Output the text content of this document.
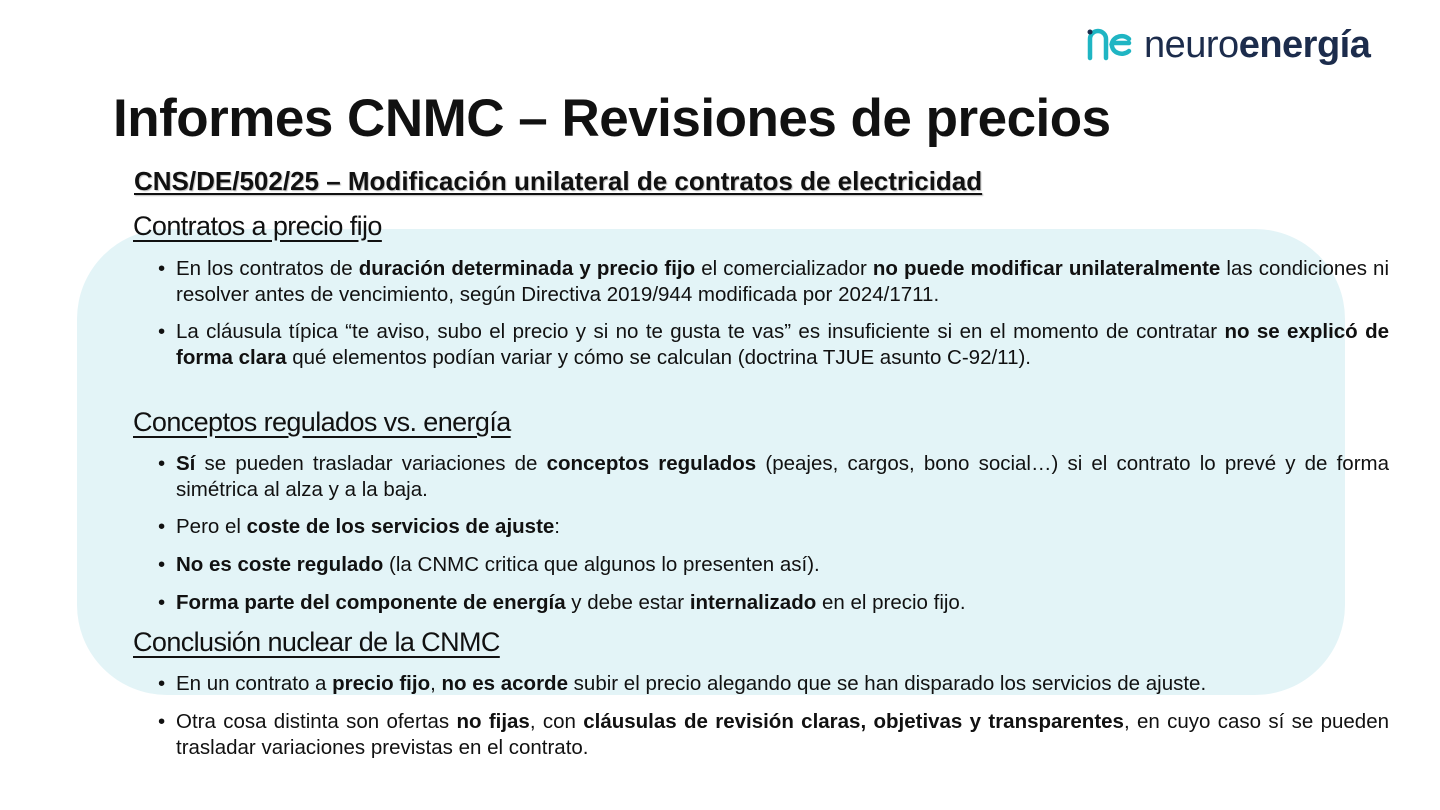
neuroenergía
Informes CNMC – Revisiones de precios
CNS/DE/502/25 – Modificación unilateral de contratos de electricidad
Contratos a precio fijo
• En los contratos de duración determinada y precio fijo el comercializador no puede modificar unilateralmente las condiciones ni resolver antes de vencimiento, según Directiva 2019/944 modificada por 2024/1711.
• La cláusula típica “te aviso, subo el precio y si no te gusta te vas” es insuficiente si en el momento de contratar no se explicó de forma clara qué elementos podían variar y cómo se calculan (doctrina TJUE asunto C-92/11).
Conceptos regulados vs. energía
• Sí se pueden trasladar variaciones de conceptos regulados (peajes, cargos, bono social…) si el contrato lo prevé y de forma simétrica al alza y a la baja.
• Pero el coste de los servicios de ajuste:
• No es coste regulado (la CNMC critica que algunos lo presenten así).
• Forma parte del componente de energía y debe estar internalizado en el precio fijo.
Conclusión nuclear de la CNMC
• En un contrato a precio fijo, no es acorde subir el precio alegando que se han disparado los servicios de ajuste.
• Otra cosa distinta son ofertas no fijas, con cláusulas de revisión claras, objetivas y transparentes, en cuyo caso sí se pueden trasladar variaciones previstas en el contrato.
